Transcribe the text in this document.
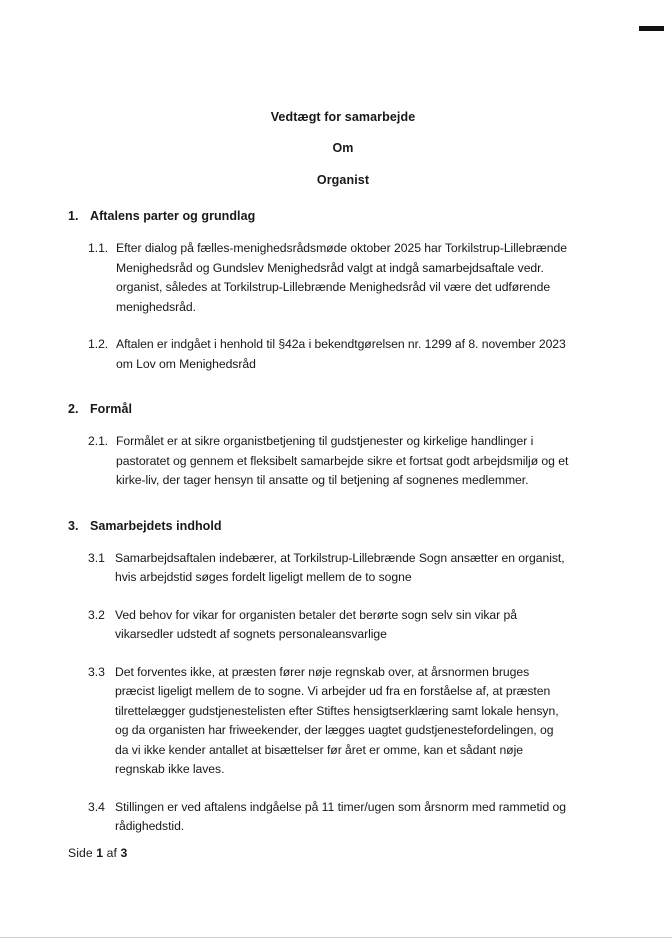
Vedtægt for samarbejde
Om
Organist
1. Aftalens parter og grundlag
1.1. Efter dialog på fælles-menighedsrådsmøde oktober 2025 har Torkilstrup-Lillebrænde Menighedsråd og Gundslev Menighedsråd valgt at indgå samarbejdsaftale vedr. organist, således at Torkilstrup-Lillebrænde Menighedsråd vil være det udførende menighedsråd.
1.2. Aftalen er indgået i henhold til §42a i bekendtgørelsen nr. 1299 af 8. november 2023 om Lov om Menighedsråd
2. Formål
2.1. Formålet er at sikre organistbetjening til gudstjenester og kirkelige handlinger i pastoratet og gennem et fleksibelt samarbejde sikre et fortsat godt arbejdsmiljø og et kirke-liv, der tager hensyn til ansatte og til betjening af sognenes medlemmer.
3. Samarbejdets indhold
3.1 Samarbejdsaftalen indebærer, at Torkilstrup-Lillebrænde Sogn ansætter en organist, hvis arbejdstid søges fordelt ligeligt mellem de to sogne
3.2 Ved behov for vikar for organisten betaler det berørte sogn selv sin vikar på vikarsedler udstedt af sognets personaleansvarlige
3.3 Det forventes ikke, at præsten fører nøje regnskab over, at årsnormen bruges præcist ligeligt mellem de to sogne. Vi arbejder ud fra en forståelse af, at præsten tilrettelægger gudstjenestelisten efter Stiftes hensigtserklæring samt lokale hensyn, og da organisten har friweekender, der lægges uagtet gudstjenestefordelingen, og da vi ikke kender antallet at bisættelser før året er omme, kan et sådant nøje regnskab ikke laves.
3.4 Stillingen er ved aftalens indgåelse på 11 timer/ugen som årsnorm med rammetid og rådighedstid.
Side 1 af 3
